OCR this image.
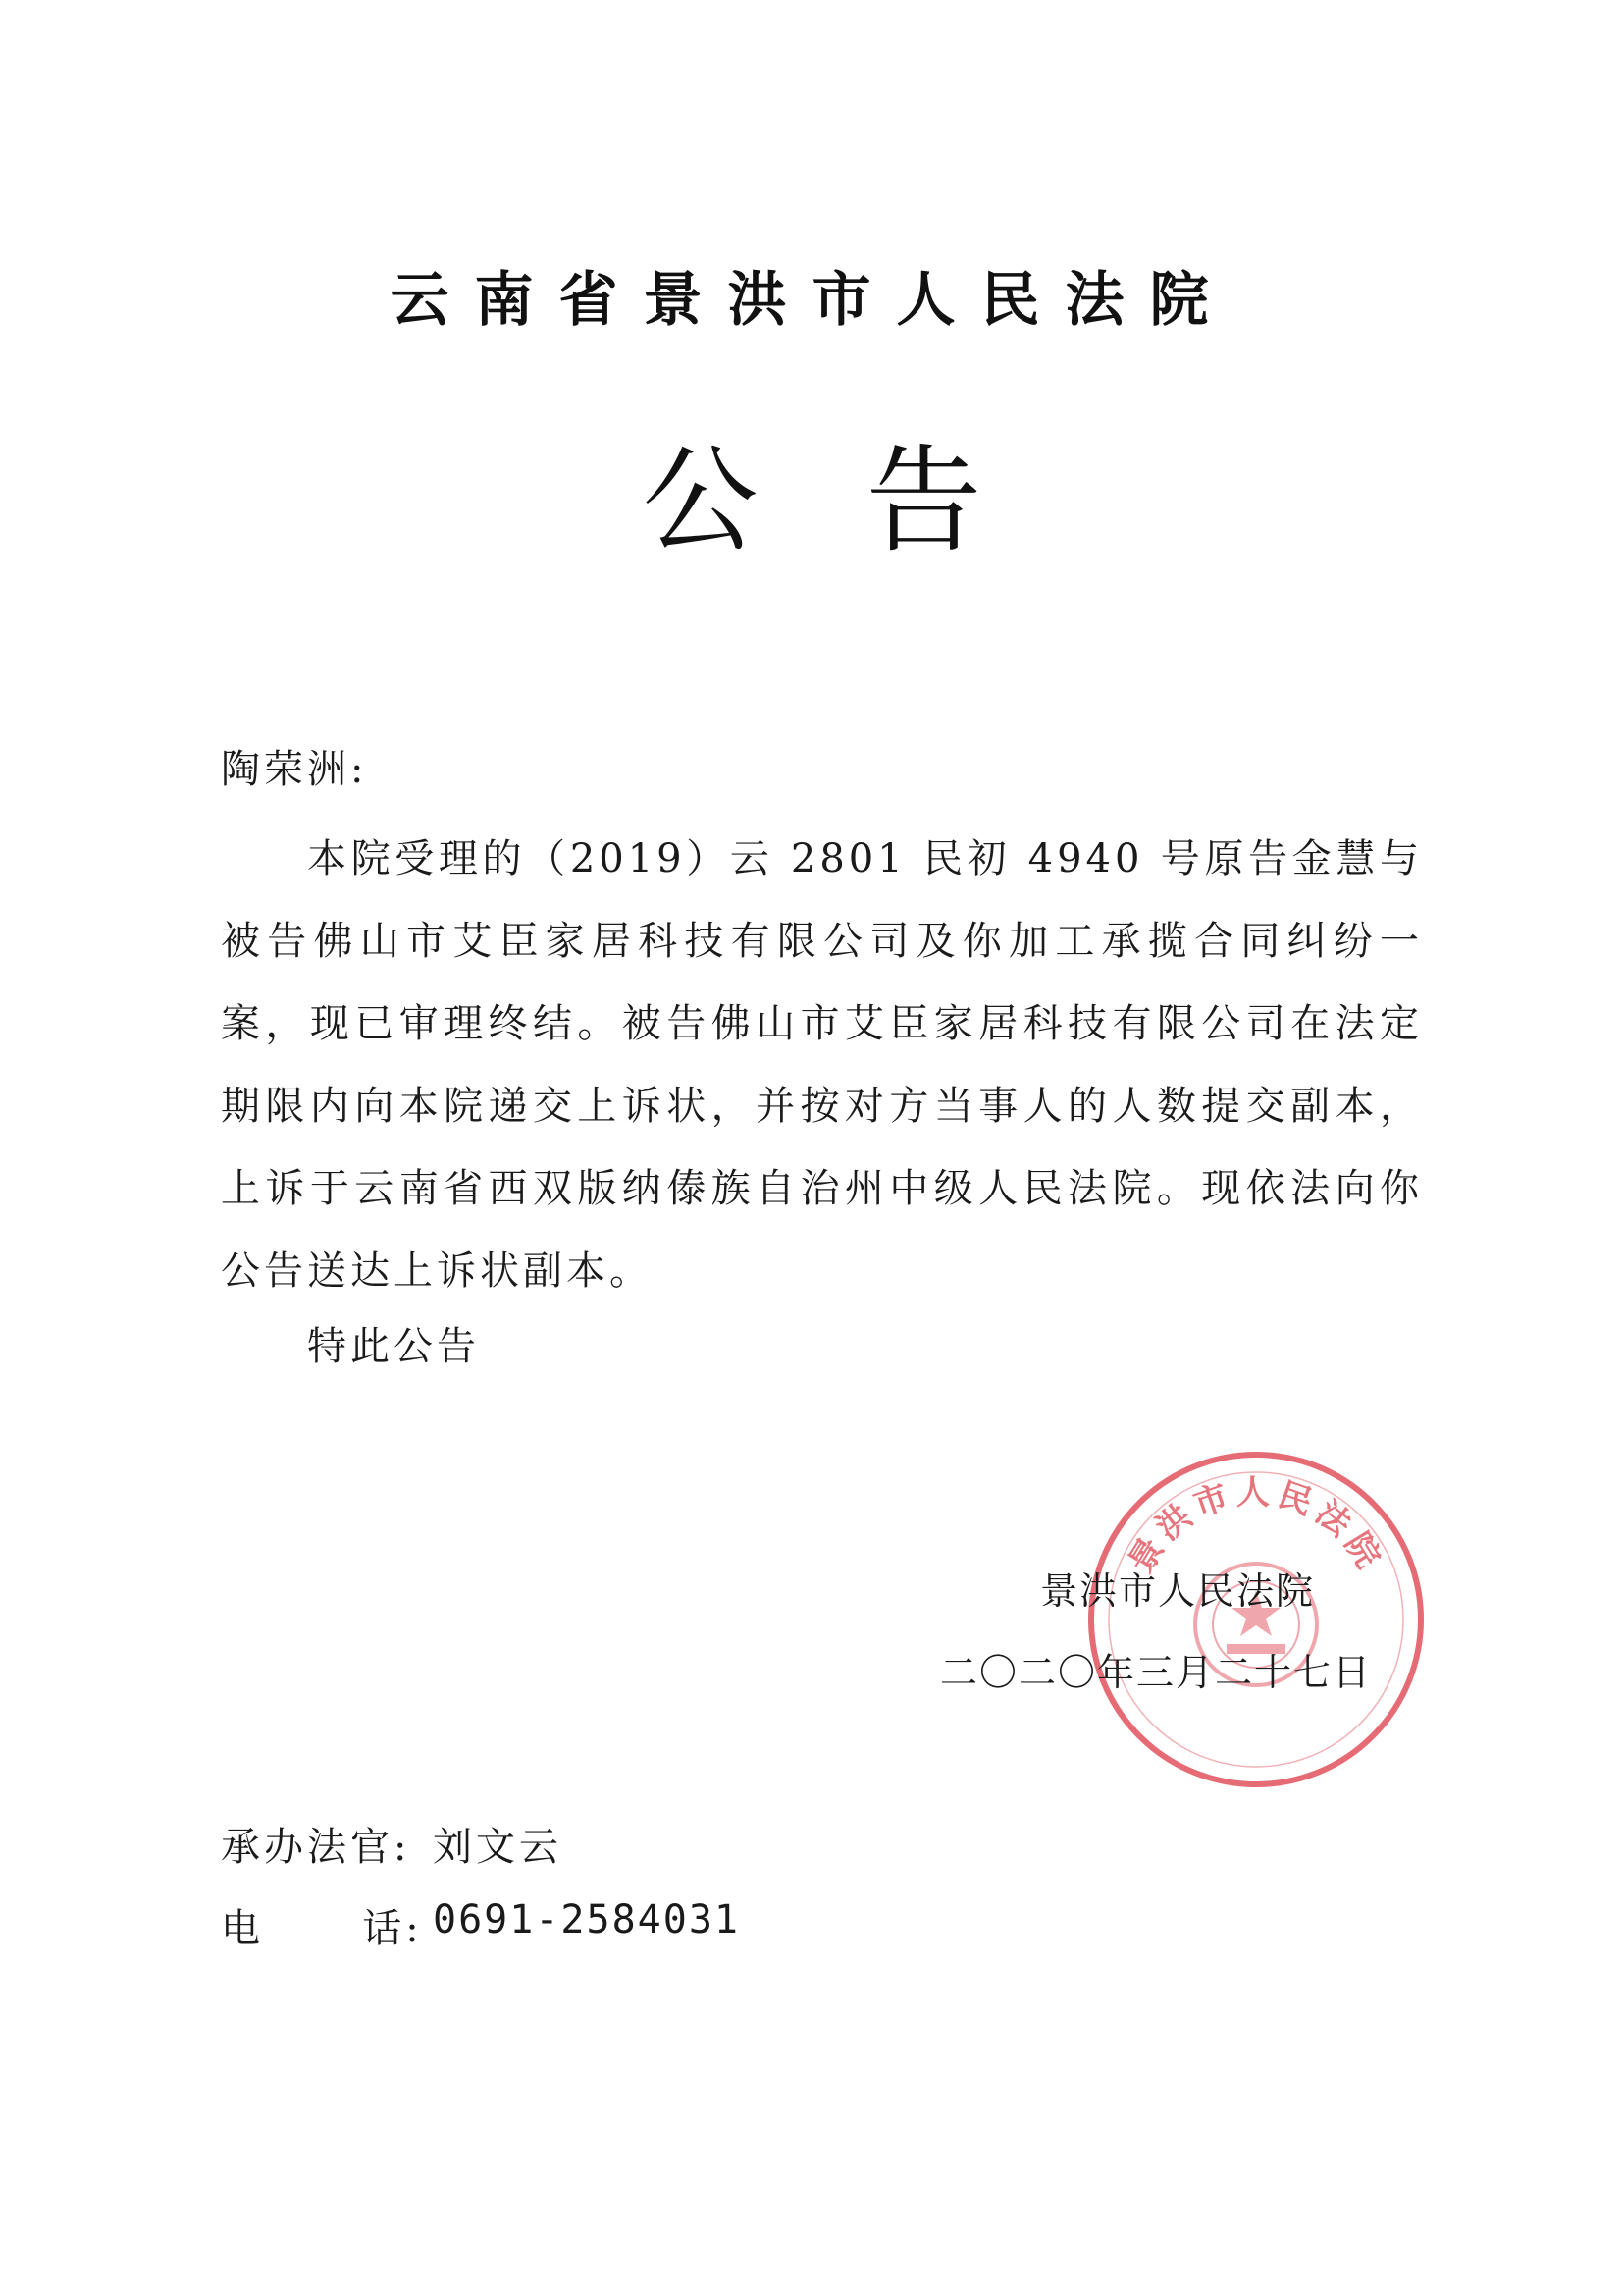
云南省景洪市人民法院
公告
陶荣洲:
本院受理的（2019）云 2801 民初 4940 号原告金慧与被告佛山市艾臣家居科技有限公司及你加工承揽合同纠纷一案，现已审理终结。被告佛山市艾臣家居科技有限公司在法定期限内向本院递交上诉状，并按对方当事人的人数提交副本，上诉于云南省西双版纳傣族自治州中级人民法院。现依法向你公告送达上诉状副本。
特此公告
景洪市人民法院
景洪市人民法院
二〇二〇年三月二十七日
承办法官: 刘文云
电      话: 0691-2584031
